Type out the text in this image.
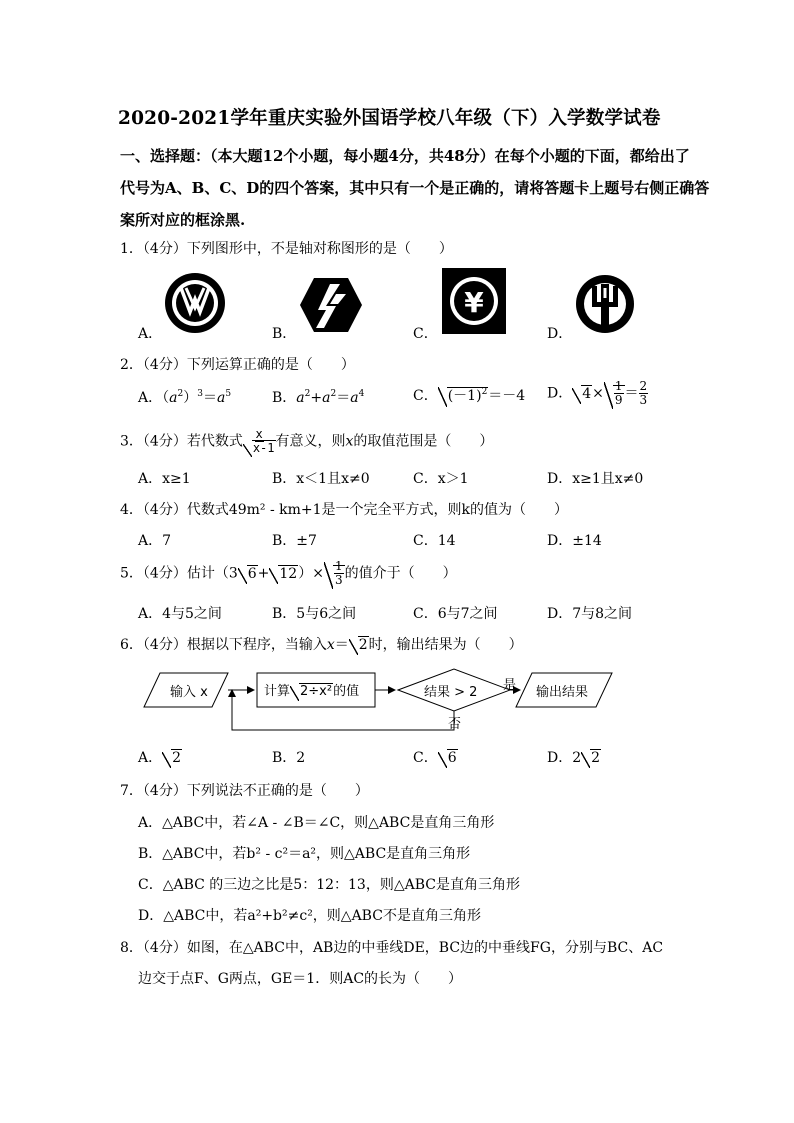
2020-2021学年重庆实验外国语学校八年级（下）入学数学试卷
一、选择题：（本大题12个小题，每小题4分，共48分）在每个小题的下面，都给出了
代号为A、B、C、D的四个答案，其中只有一个是正确的，请将答题卡上题号右侧正确答
案所对应的框涂黑.
1．（4分）下列图形中，不是轴对称图形的是（　　）
A．	B．
¥
C．	D．
2．（4分）下列运算正确的是（　　）
A．$(a^2)^3=a^5$	B．$a^2+a^2=a^4$	C． $(-1)^2=-4$ D． $4\times \frac{1}{9} = \frac{2}{3}$
3．（4分）若代数式 $\frac{x}{x-1}$ 有意义，则x的取值范围是（　　）
A．x≥1	B．x＜1且x≠0	C．x＞1	D．x≥1且x≠0
4．（4分）代数式49m² - km+1是一个完全平方式，则k的值为（　　）
A．7	B．±7	C．14	D．±14
5．（4分）估计（3 $6+ 12)\times \frac{1}{3}$ 的值介于（　　）
A．4与5之间	B．5与6之间	C．6与7之间	D．7与8之间
6．（4分）根据以下程序，当输入x＝ 2时，输出结果为（　　）
输入 x	计算 2÷x²的值	结果 > 2 是 输出结果
否
A． 2	B．2	C． 6	D．2 2
7．（4分）下列说法不正确的是（　　）
A．△ABC中，若∠A - ∠B＝∠C，则△ABC是直角三角形
B．△ABC中，若b² - c²＝a²，则△ABC是直角三角形
C．△ABC 的三边之比是5：12：13，则△ABC是直角三角形
D．△ABC中，若a²+b²≠c²，则△ABC不是直角三角形
8．（4分）如图，在△ABC中，AB边的中垂线DE，BC边的中垂线FG，分别与BC、AC
边交于点F、G两点，GE＝1．则AC的长为（　　）
